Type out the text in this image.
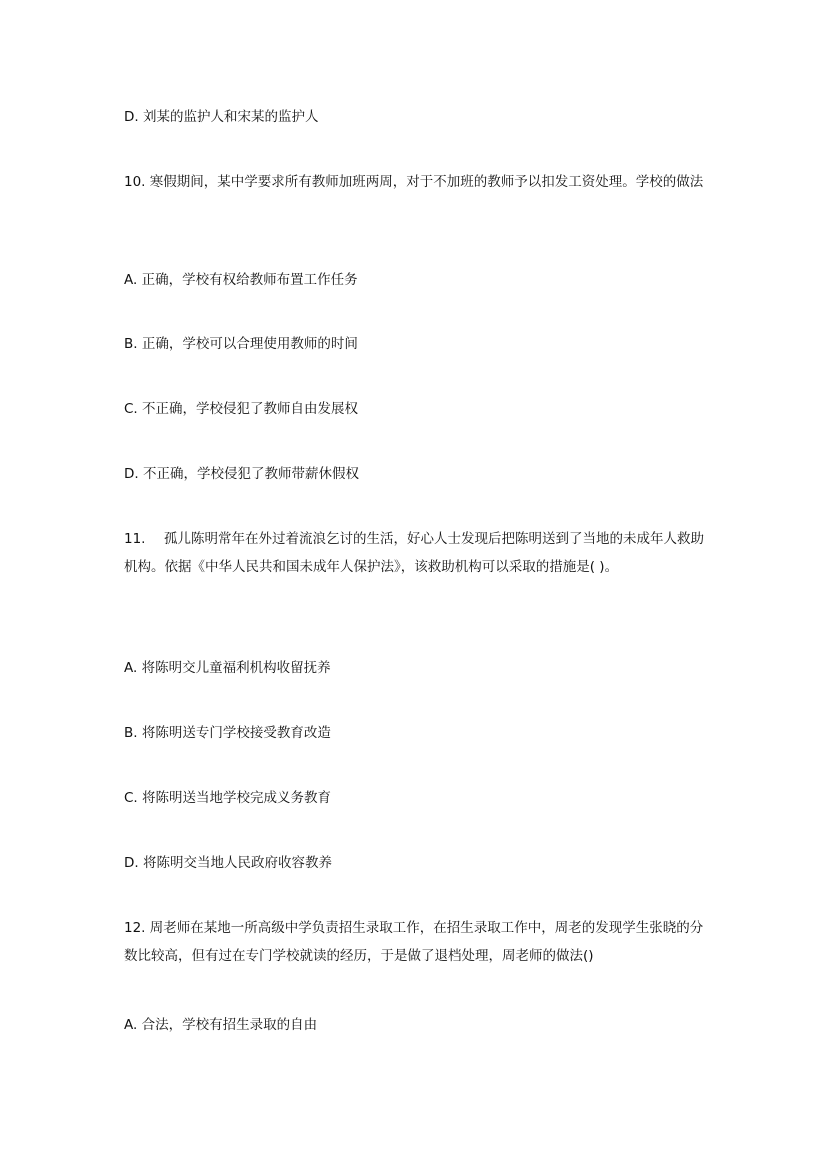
D. 刘某的监护人和宋某的监护人

10. 寒假期间，某中学要求所有教师加班两周，对于不加班的教师予以扣发工资处理。学校的做法

A. 正确，学校有权给教师布置工作任务

B. 正确，学校可以合理使用教师的时间

C. 不正确，学校侵犯了教师自由发展权

D. 不正确，学校侵犯了教师带薪休假权

11. 孤儿陈明常年在外过着流浪乞讨的生活，好心人士发现后把陈明送到了当地的未成年人救助机构。依据《中华人民共和国未成年人保护法》，该救助机构可以采取的措施是( )。

A. 将陈明交儿童福利机构收留抚养

B. 将陈明送专门学校接受教育改造

C. 将陈明送当地学校完成义务教育

D. 将陈明交当地人民政府收容教养

12. 周老师在某地一所高级中学负责招生录取工作，在招生录取工作中，周老的发现学生张晓的分数比较高，但有过在专门学校就读的经历，于是做了退档处理，周老师的做法()

A. 合法，学校有招生录取的自由
